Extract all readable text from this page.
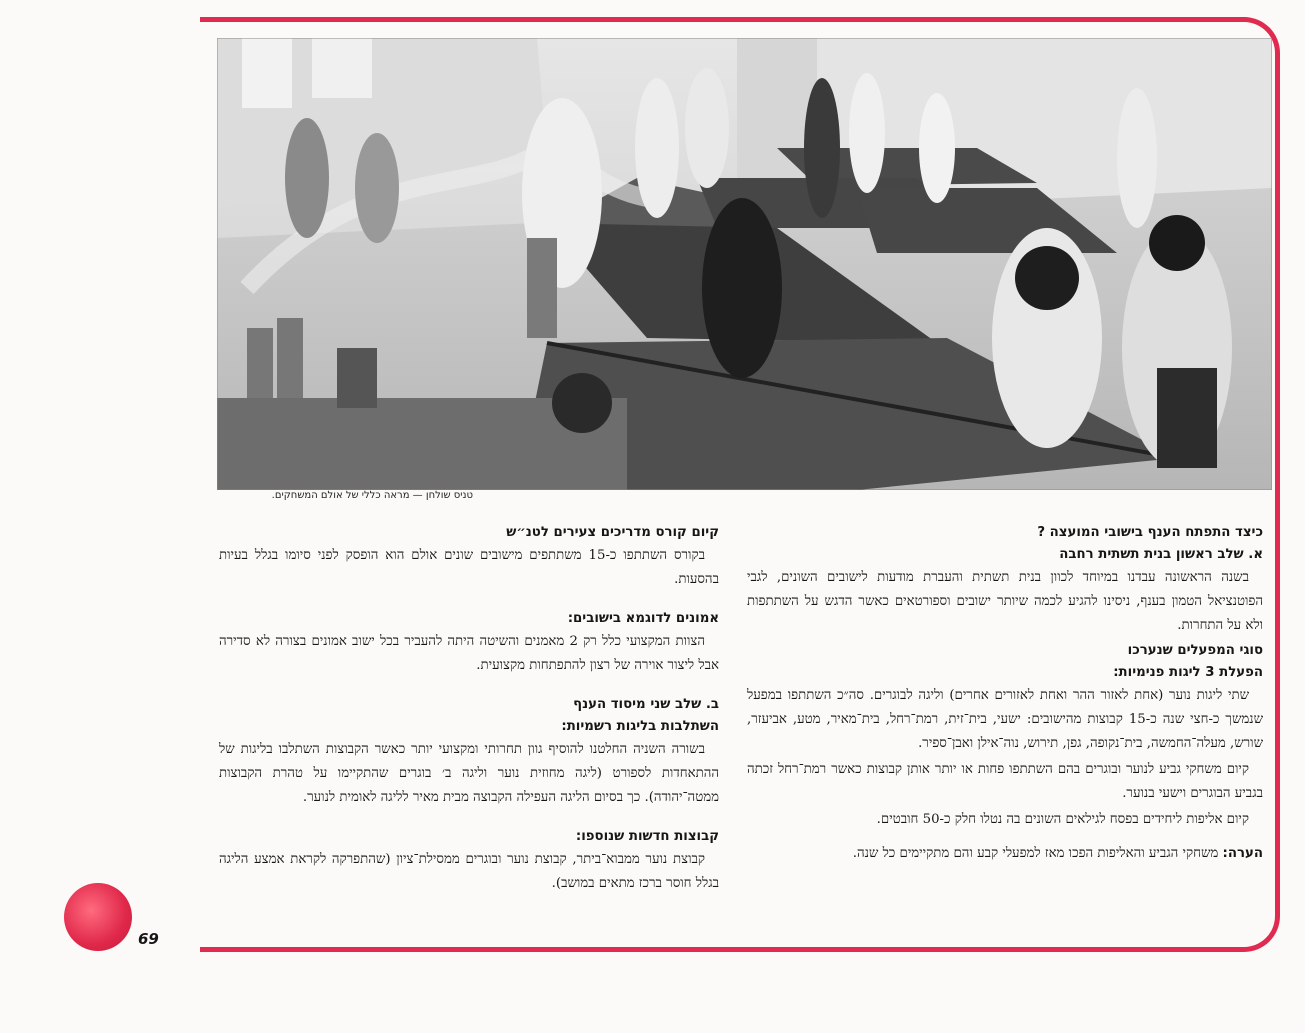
טניס שולחן — מראה כללי של אולם המשחקים.
כיצד התפתח הענף בישובי המועצה ?
א. שלב ראשון בנית תשתית רחבה

בשנה הראשונה עבדנו במיוחד לכוון בנית תשתית והעברת מודעות לישובים השונים, לגבי הפוטנציאל הטמון בענף, ניסינו להגיע לכמה שיותר ישובים וספורטאים כאשר הדגש על השתתפות ולא על התחרות.

סוגי המפעלים שנערכו
הפעלת 3 ליגות פנימיות:

שתי ליגות נוער (אחת לאזור ההר ואחת לאזורים אחרים) וליגה לבוגרים. סה״כ השתתפו במפעל שנמשך כ-חצי שנה כ-15 קבוצות מהישובים: ישעי, בית־זית, רמת־רחל, בית־מאיר, מטע, אביעזר, שורש, מעלה־החמשה, בית־נקופה, גפן, תירוש, נוה־אילן ואבן־ספיר.

קיום משחקי גביע לנוער ובוגרים בהם השתתפו פחות או יותר אותן קבוצות כאשר רמת־רחל זכתה בגביע הבוגרים וישעי בנוער.

קיום אליפות ליחידים בפסח לגילאים השונים בה נטלו חלק כ-50 חובטים.

הערה: משחקי הגביע והאליפות הפכו מאז למפעלי קבע והם מתקיימים כל שנה.

קיום קורס מדריכים צעירים לטנ״ש

בקורס השתתפו כ-15 משתתפים מישובים שונים אולם הוא הופסק לפני סיומו בגלל בעיות בהסעות.

אמונים לדוגמא בישובים:

הצוות המקצועי כלל רק 2 מאמנים והשיטה היתה להעביר בכל ישוב אמונים בצורה לא סדירה אבל ליצור אוירה של רצון להתפתחות מקצועית.

ב. שלב שני מיסוד הענף
השתלבות בליגות רשמיות:

בשורה השניה החלטנו להוסיף גוון תחרותי ומקצועי יותר כאשר הקבוצות השתלבו בליגות של ההתאחדות לספורט (ליגה מחוזית נוער וליגה ב׳ בוגרים שהתקיימו על טהרת הקבוצות ממטה־יהודה). כך בסיום הליגה העפילה הקבוצה מבית מאיר לליגה לאומית לנוער.

קבוצות חדשות שנוספו:

קבוצת נוער ממבוא־ביתר, קבוצת נוער ובוגרים ממסילת־ציון (שהתפרקה לקראת אמצע הליגה בגלל חוסר ברכז מתאים במושב).

69
